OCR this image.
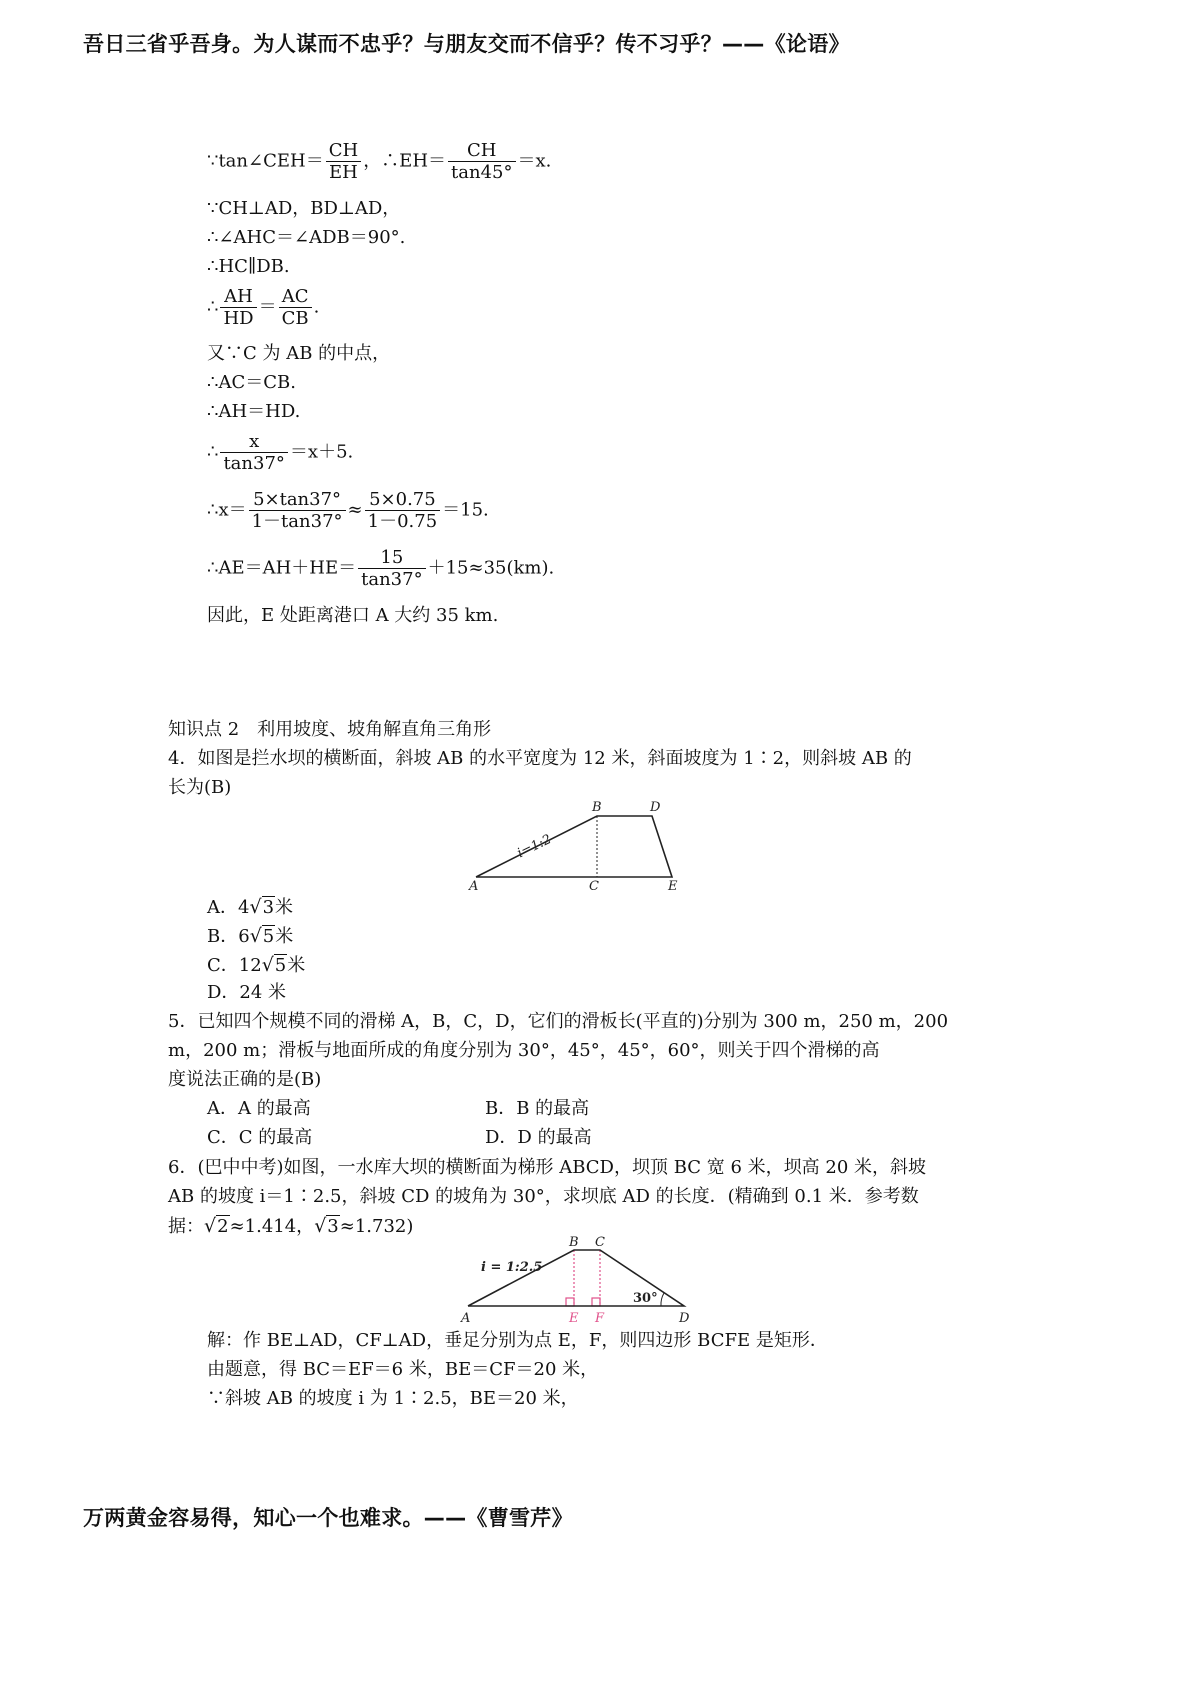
吾日三省乎吾身。为人谋而不忠乎？与朋友交而不信乎？传不习乎？——《论语》
∵tan∠CEH＝ $\frac{CH}{EH}$ ，∴EH＝ $\frac{CH}{\tan 45^\circ} =x$.
∵CH⊥AD，BD⊥AD，
∴∠AHC＝∠ADB＝90°.
∴HC∥DB.
∴ $\frac{AH}{HD} = \frac{AC}{CB}$ .
又∵C 为 AB 的中点，
∴AC＝CB.
∴AH＝HD.
∴ $\frac{x}{\tan 37^\circ} =x+5$.
∴x＝ $\frac{5\times\tan 37^\circ}{1-\tan 37^\circ} \approx \frac{5\times 0.75}{1-0.75} =15$.
∴AE＝AH＋HE＝ $\frac{15}{\tan 37^\circ} +15\approx 35(km)$.
因此，E 处距离港口 A 大约 35 km.
知识点 2　利用坡度、坡角解直角三角形
4．如图是拦水坝的横断面，斜坡 AB 的水平宽度为 12 米，斜面坡度为 1∶2，则斜坡 AB 的
长为(B)
i=1:2
B	D
A	C	E
A．4√3米
B．6√5米
C．12√5米
D．24 米
5．已知四个规模不同的滑梯 A，B，C，D，它们的滑板长(平直的)分别为 300 m，250 m，200
m，200 m；滑板与地面所成的角度分别为 30°，45°，45°，60°，则关于四个滑梯的高
度说法正确的是(B)
A．A 的最高	B．B 的最高
C．C 的最高	D．D 的最高
6．(巴中中考)如图，一水库大坝的横断面为梯形 ABCD，坝顶 BC 宽 6 米，坝高 20 米，斜坡
AB 的坡度 i＝1∶2.5，斜坡 CD 的坡角为 30°，求坝底 AD 的长度．(精确到 0.1 米．参考数
据：√2≈1.414，√3≈1.732)
i = 1:2.5
30°
B C
A	E F	D
解：作 BE⊥AD，CF⊥AD，垂足分别为点 E，F，则四边形 BCFE 是矩形．
由题意，得 BC＝EF＝6 米，BE＝CF＝20 米，
∵斜坡 AB 的坡度 i 为 1∶2.5，BE＝20 米，
万两黄金容易得，知心一个也难求。——《曹雪芹》
